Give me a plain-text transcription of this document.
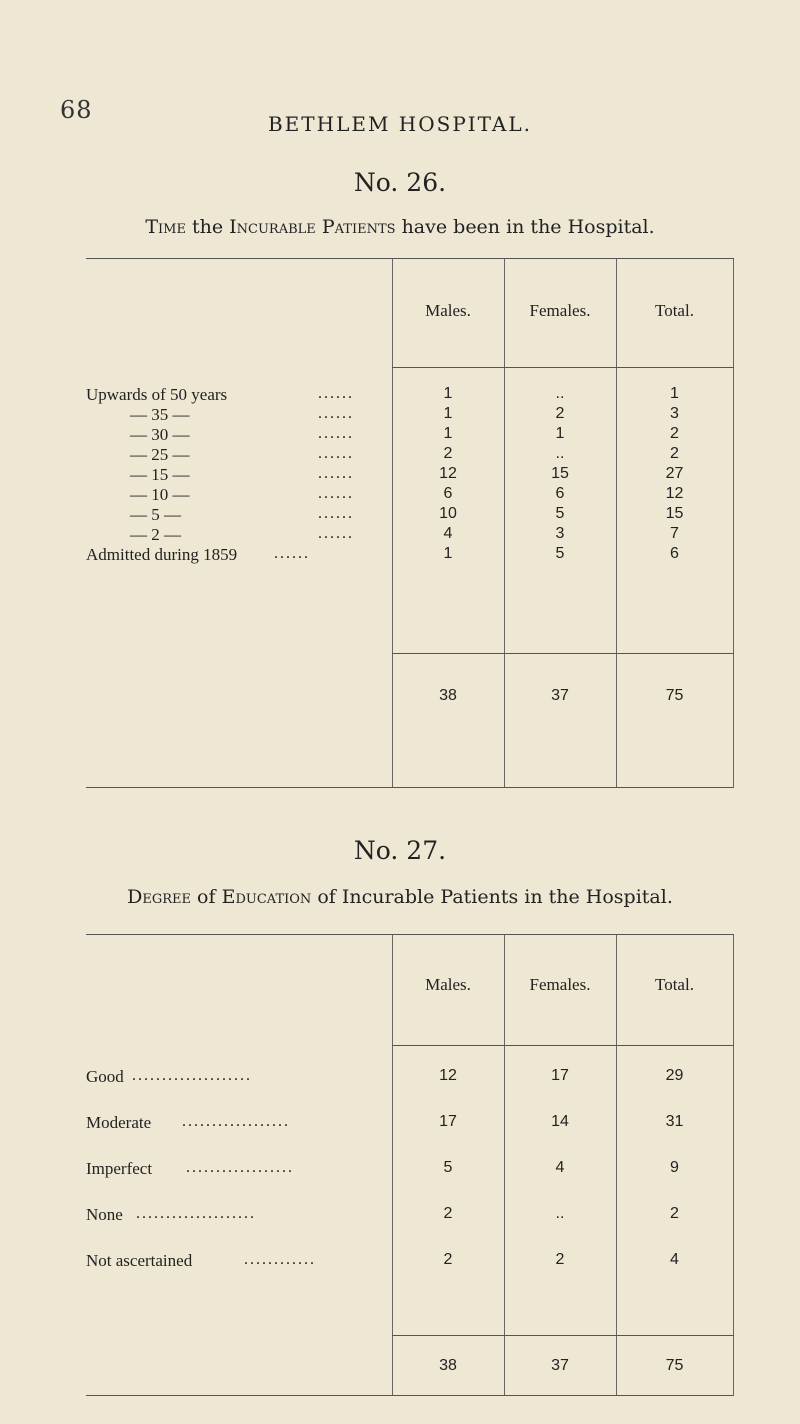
68	BETHLEM HOSPITAL.
No. 26.
Time the Incurable Patients have been in the Hospital.
Males.	Females.	Total.
Upwards of 50 years	......	1	..	1
— 35 —	......	1	2	3
— 30 —	......	1	1	2
— 25 —	......	2	..	2
— 15 —	......	12	15	27
— 10 —	......	6	6	12
— 5 —	......	10	5	15
— 2 —	......	4	3	7
Admitted during 1859 ......	1	5	6
38	37	75
No. 27.
Degree of Education of Incurable Patients in the Hospital.
Males.	Females.	Total.
Good ....................	12	17	29
Moderate ..................	17	14	31
Imperfect ..................	5	4	9
None ....................	2	..	2
Not ascertained	............	2	2	4
38	37	75
